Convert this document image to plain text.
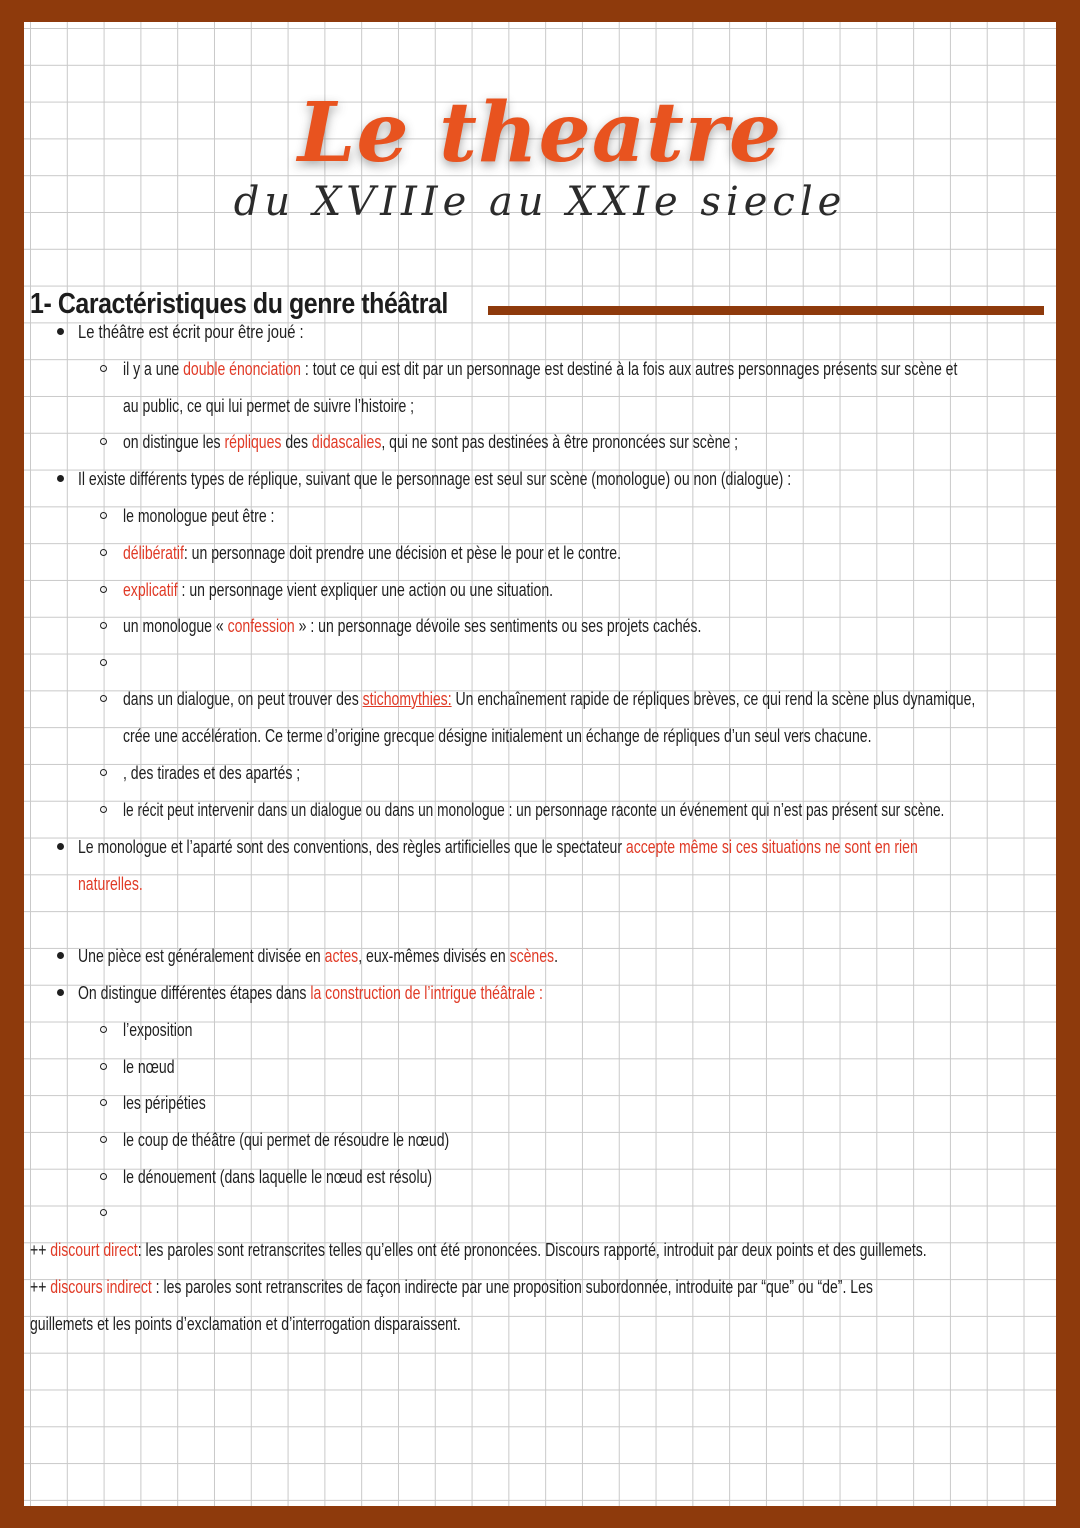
Le theatre
du XVIIIe au XXIe siecle
1- Caractéristiques du genre théâtral
Le théâtre est écrit pour être joué :
il y a une double énonciation : tout ce qui est dit par un personnage est destiné à la fois aux autres personnages présents sur scène et
au public, ce qui lui permet de suivre l’histoire ;
on distingue les répliques des didascalies, qui ne sont pas destinées à être prononcées sur scène ;
Il existe différents types de réplique, suivant que le personnage est seul sur scène (monologue) ou non (dialogue) :
le monologue peut être :
délibératif: un personnage doit prendre une décision et pèse le pour et le contre.
explicatif : un personnage vient expliquer une action ou une situation.
un monologue « confession » : un personnage dévoile ses sentiments ou ses projets cachés.
dans un dialogue, on peut trouver des stichomythies: Un enchaînement rapide de répliques brèves, ce qui rend la scène plus dynamique,
crée une accélération. Ce terme d’origine grecque désigne initialement un échange de répliques d’un seul vers chacune.
, des tirades et des apartés ;
le récit peut intervenir dans un dialogue ou dans un monologue : un personnage raconte un événement qui n’est pas présent sur scène.
Le monologue et l’aparté sont des conventions, des règles artificielles que le spectateur accepte même si ces situations ne sont en rien
naturelles.
Une pièce est généralement divisée en actes, eux-mêmes divisés en scènes.
On distingue différentes étapes dans la construction de l’intrigue théâtrale :
l’exposition
le nœud
les péripéties
le coup de théâtre (qui permet de résoudre le nœud)
le dénouement (dans laquelle le nœud est résolu)
++ discourt direct: les paroles sont retranscrites telles qu’elles ont été prononcées. Discours rapporté, introduit par deux points et des guillemets.
++ discours indirect : les paroles sont retranscrites de façon indirecte par une proposition subordonnée, introduite par “que” ou “de”. Les
guillemets et les points d’exclamation et d’interrogation disparaissent.
